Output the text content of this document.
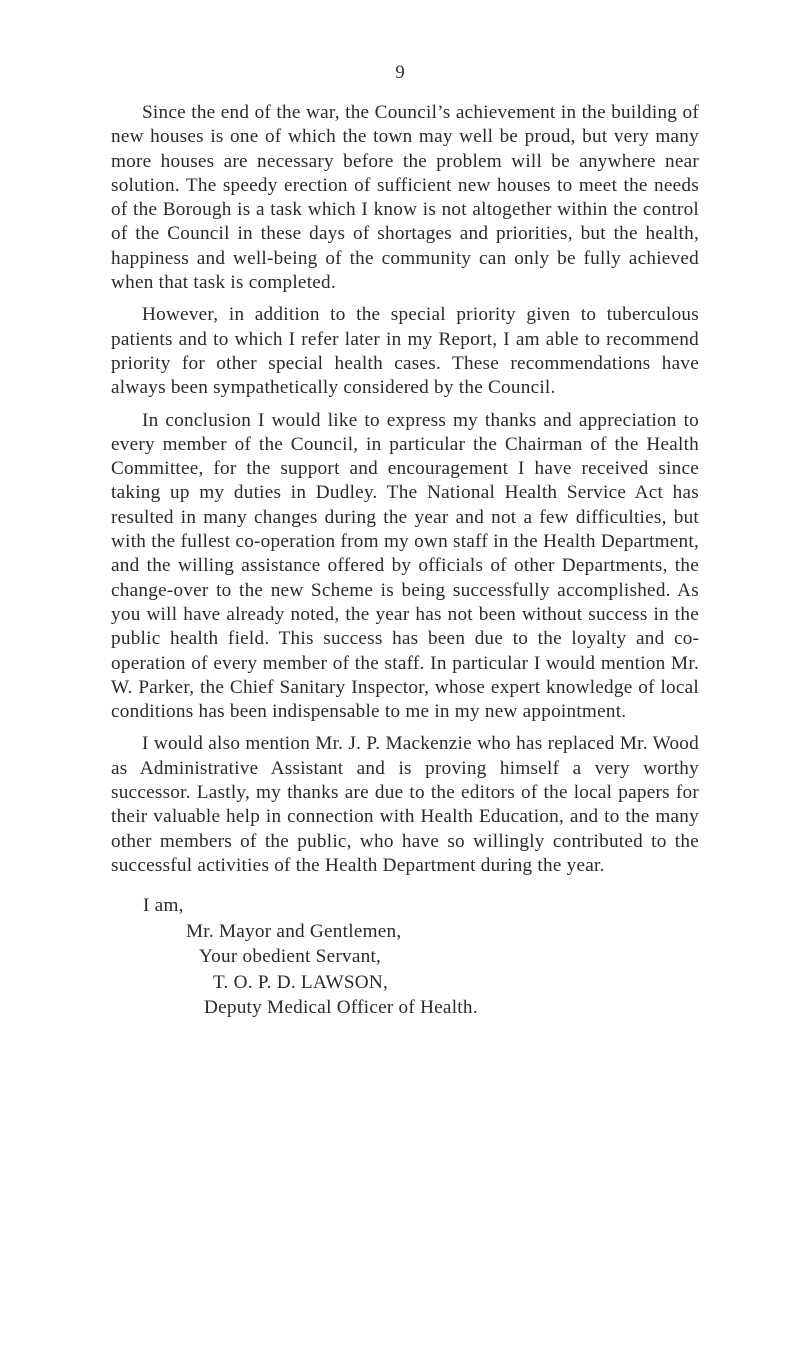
9

Since the end of the war, the Council’s achievement in the building of new houses is one of which the town may well be proud, but very many more houses are necessary before the problem will be anywhere near solution. The speedy erection of sufficient new houses to meet the needs of the Borough is a task which I know is not altogether within the control of the Council in these days of shortages and priorities, but the health, happiness and well-being of the community can only be fully achieved when that task is completed.

However, in addition to the special priority given to tuberculous patients and to which I refer later in my Report, I am able to recommend priority for other special health cases. These recommendations have always been sympathetically considered by the Council.

In conclusion I would like to express my thanks and appreciation to every member of the Council, in particular the Chairman of the Health Committee, for the support and encouragement I have received since taking up my duties in Dudley. The National Health Service Act has resulted in many changes during the year and not a few difficulties, but with the fullest co-operation from my own staff in the Health Department, and the willing assistance offered by officials of other Departments, the change-over to the new Scheme is being successfully accomplished. As you will have already noted, the year has not been without success in the public health field. This success has been due to the loyalty and cooperation of every member of the staff. In particular I would mention Mr. W. Parker, the Chief Sanitary Inspector, whose expert knowledge of local conditions has been indispensable to me in my new appointment.

I would also mention Mr. J. P. Mackenzie who has replaced Mr. Wood as Administrative Assistant and is proving himself a very worthy successor. Lastly, my thanks are due to the editors of the local papers for their valuable help in connection with Health Education, and to the many other members of the public, who have so willingly contributed to the successful activities of the Health Department during the year.

I am,
Mr. Mayor and Gentlemen,
Your obedient Servant,
T. O. P. D. LAWSON,
Deputy Medical Officer of Health.
